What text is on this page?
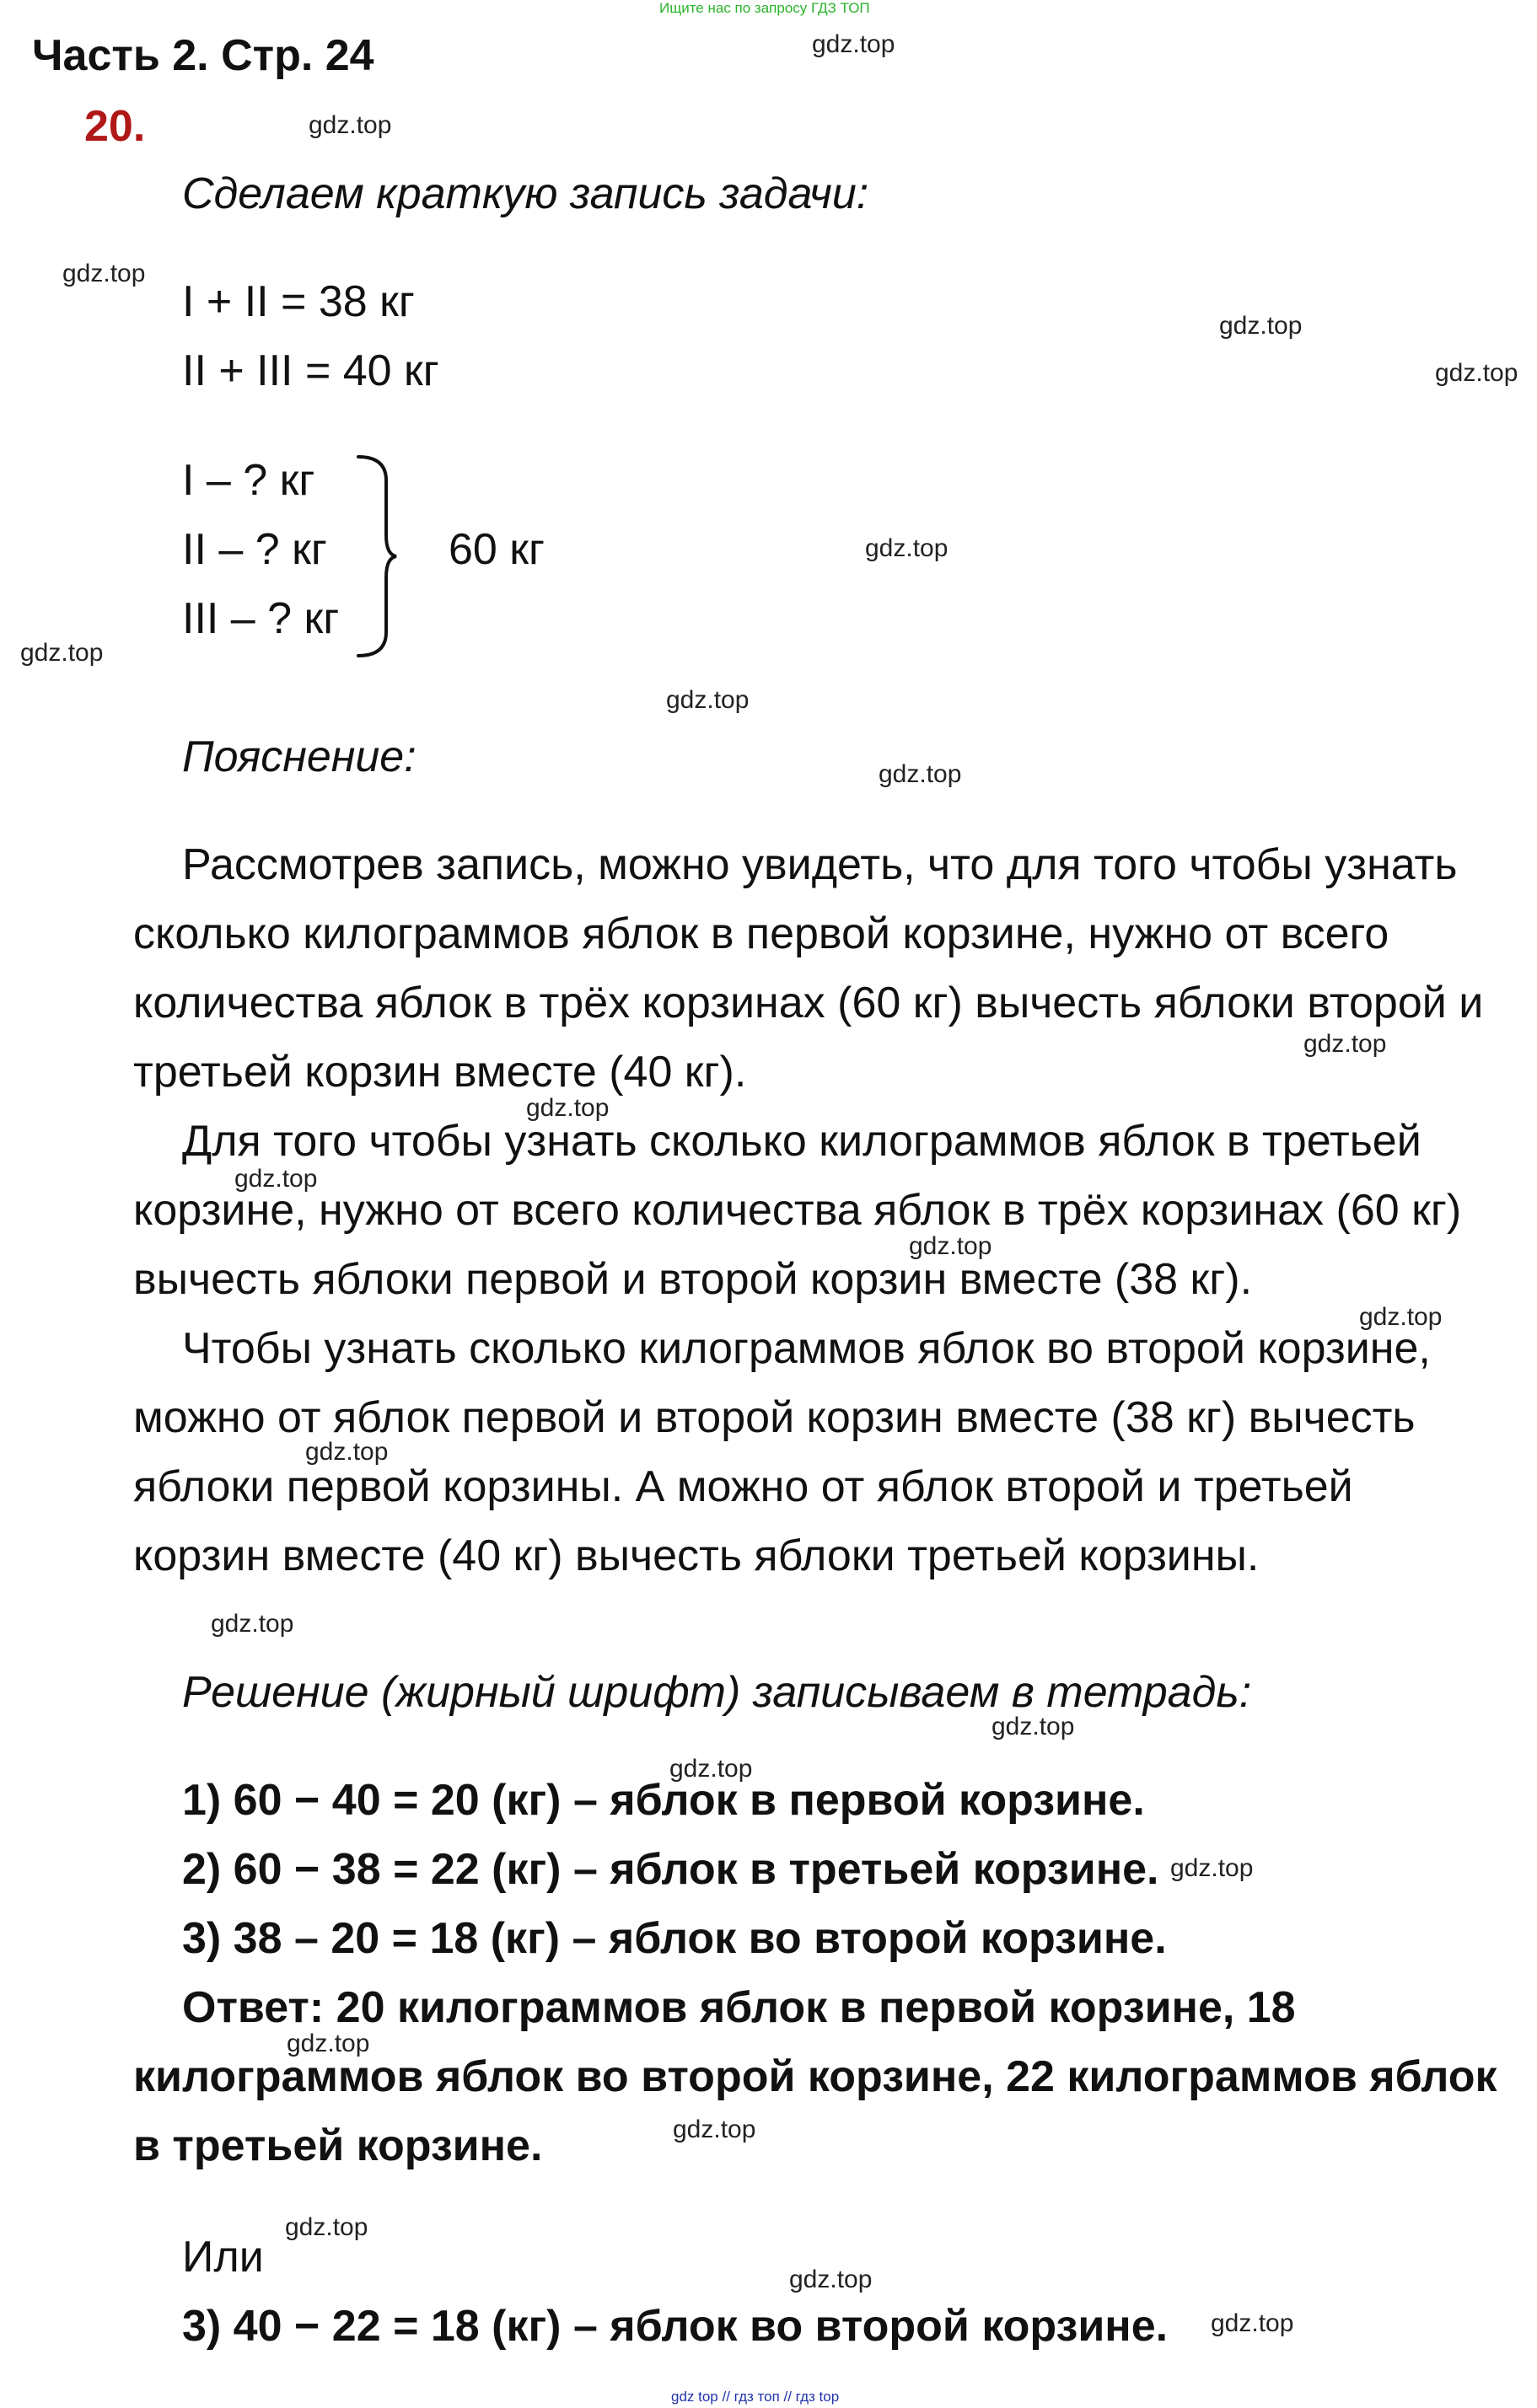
Ищите нас по запросу ГДЗ ТОП
Часть 2. Стр. 24
20.
Сделаем краткую запись задачи:
I + II = 38 кг
II + III = 40 кг
I – ? кг
II – ? кг
III – ? кг
60 кг
Пояснение:
Рассмотрев запись, можно увидеть, что для того чтобы узнать
сколько килограммов яблок в первой корзине, нужно от всего
количества яблок в трёх корзинах (60 кг) вычесть яблоки второй и
третьей корзин вместе (40 кг).
Для того чтобы узнать сколько килограммов яблок в третьей
корзине, нужно от всего количества яблок в трёх корзинах (60 кг)
вычесть яблоки первой и второй корзин вместе (38 кг).
Чтобы узнать сколько килограммов яблок во второй корзине,
можно от яблок первой и второй корзин вместе (38 кг) вычесть
яблоки первой корзины. А можно от яблок второй и третьей
корзин вместе (40 кг) вычесть яблоки третьей корзины.
Решение (жирный шрифт) записываем в тетрадь:
1) 60 − 40 = 20 (кг) – яблок в первой корзине.
2) 60 − 38 = 22 (кг) – яблок в третьей корзине.
3) 38 – 20 = 18 (кг) – яблок во второй корзине.
Ответ: 20 килограммов яблок в первой корзине, 18
килограммов яблок во второй корзине, 22 килограммов яблок
в третьей корзине.
Или
3) 40 − 22 = 18 (кг) – яблок во второй корзине.
gdz.top
gdz.top
gdz.top
gdz.top
gdz.top
gdz.top
gdz.top
gdz.top
gdz.top
gdz.top
gdz.top
gdz.top
gdz.top
gdz.top
gdz.top
gdz.top
gdz.top
gdz.top
gdz.top
gdz.top
gdz.top
gdz.top
gdz.top
gdz.top
gdz top // гдз топ // гдз top
